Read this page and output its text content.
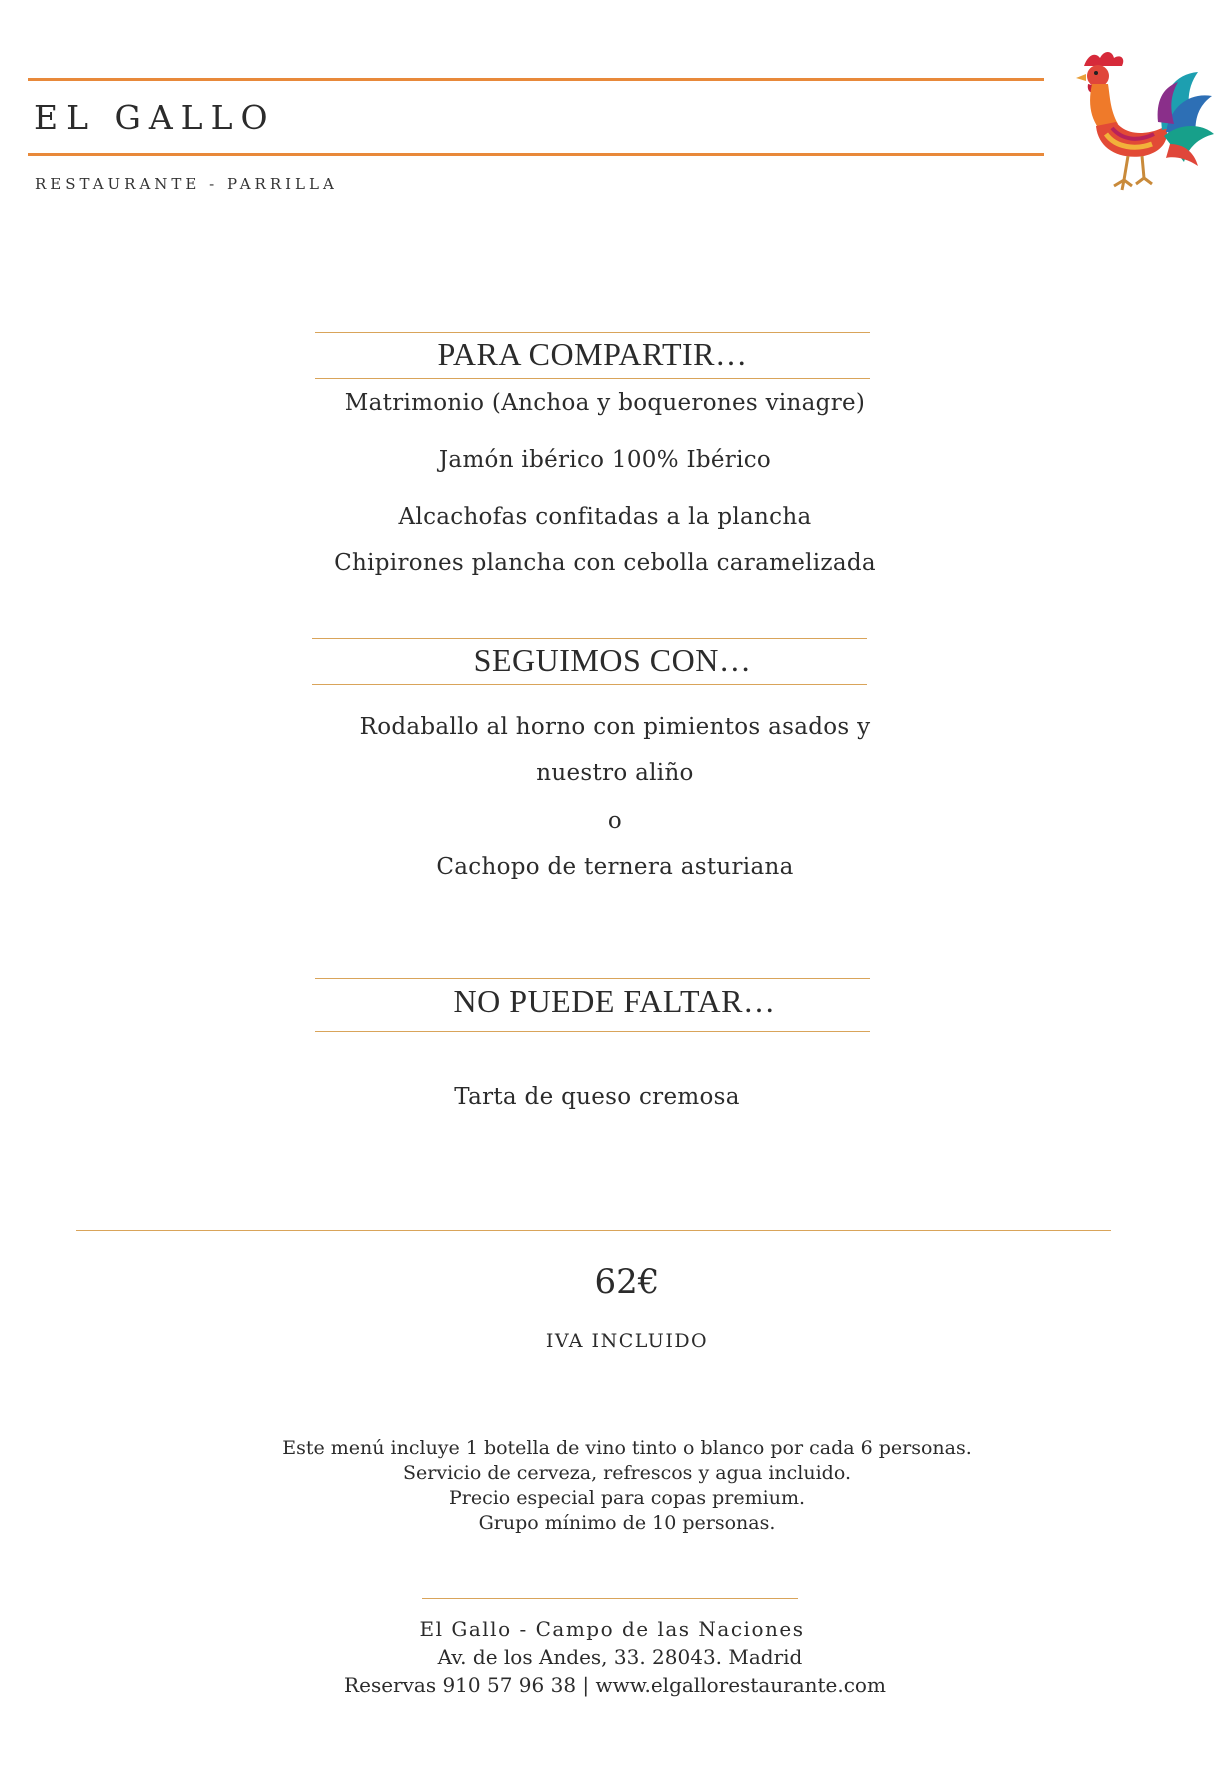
EL GALLO
RESTAURANTE - PARRILLA
PARA COMPARTIR…
Matrimonio (Anchoa y boquerones vinagre)
Jamón ibérico 100% Ibérico
Alcachofas confitadas a la plancha
Chipirones plancha con cebolla caramelizada
SEGUIMOS CON…
Rodaballo al horno con pimientos asados y
nuestro aliño
o
Cachopo de ternera asturiana
NO PUEDE FALTAR…
Tarta de queso cremosa
62€
IVA INCLUIDO
Este menú incluye 1 botella de vino tinto o blanco por cada 6 personas.
Servicio de cerveza, refrescos y agua incluido.
Precio especial para copas premium.
Grupo mínimo de 10 personas.
El Gallo - Campo de las Naciones
Av. de los Andes, 33. 28043. Madrid
Reservas 910 57 96 38 | www.elgallorestaurante.com
